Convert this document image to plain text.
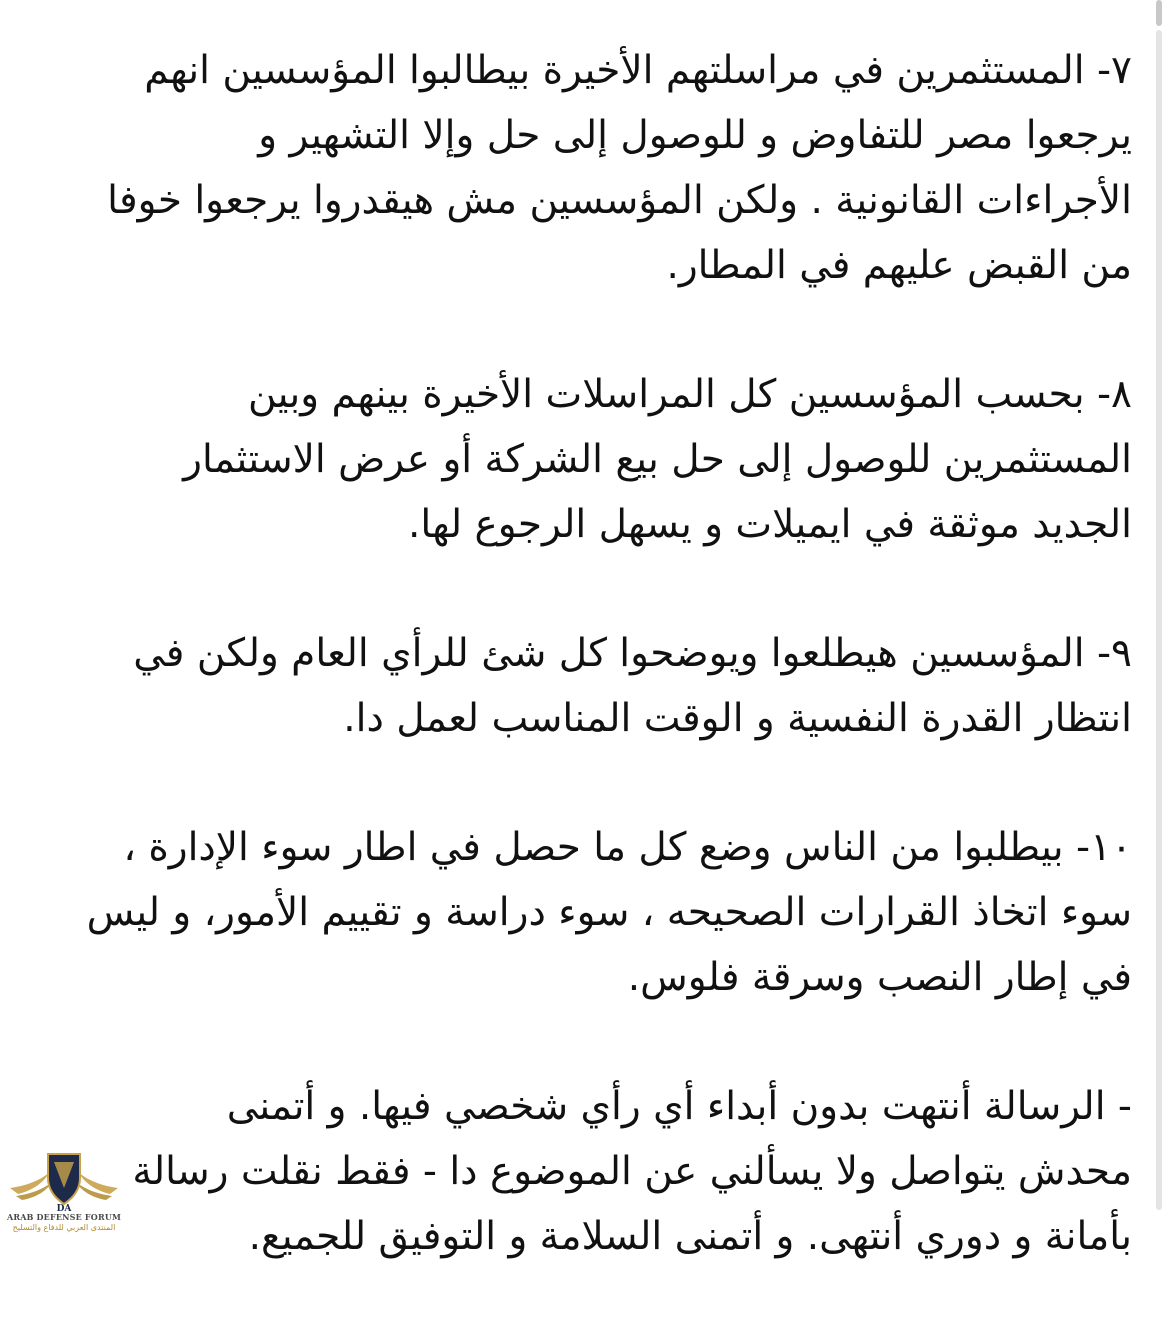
٧- المستثمرين في مراسلتهم الأخيرة بيطالبوا المؤسسين انهم
يرجعوا مصر للتفاوض و للوصول إلى حل وإلا التشهير و
الأجراءات القانونية . ولكن المؤسسين مش هيقدروا يرجعوا خوفا
من القبض عليهم في المطار.

٨- بحسب المؤسسين كل المراسلات الأخيرة بينهم وبين
المستثمرين للوصول إلى حل بيع الشركة أو عرض الاستثمار
الجديد موثقة في ايميلات و يسهل الرجوع لها.

٩- المؤسسين هيطلعوا ويوضحوا كل شئ للرأي العام ولكن في
انتظار القدرة النفسية و الوقت المناسب لعمل دا.

١٠- بيطلبوا من الناس وضع كل ما حصل في اطار سوء الإدارة ،
سوء اتخاذ القرارات الصحيحه ، سوء دراسة و تقييم الأمور، و ليس
في إطار النصب وسرقة فلوس.

- الرسالة أنتهت بدون أبداء أي رأي شخصي فيها. و أتمنى
محدش يتواصل ولا يسألني عن الموضوع دا - فقط نقلت رسالة
بأمانة و دوري أنتهى. و أتمنى السلامة و التوفيق للجميع.

DA
ARAB DEFENSE FORUM
المنتدى العربي للدفاع والتسليح
